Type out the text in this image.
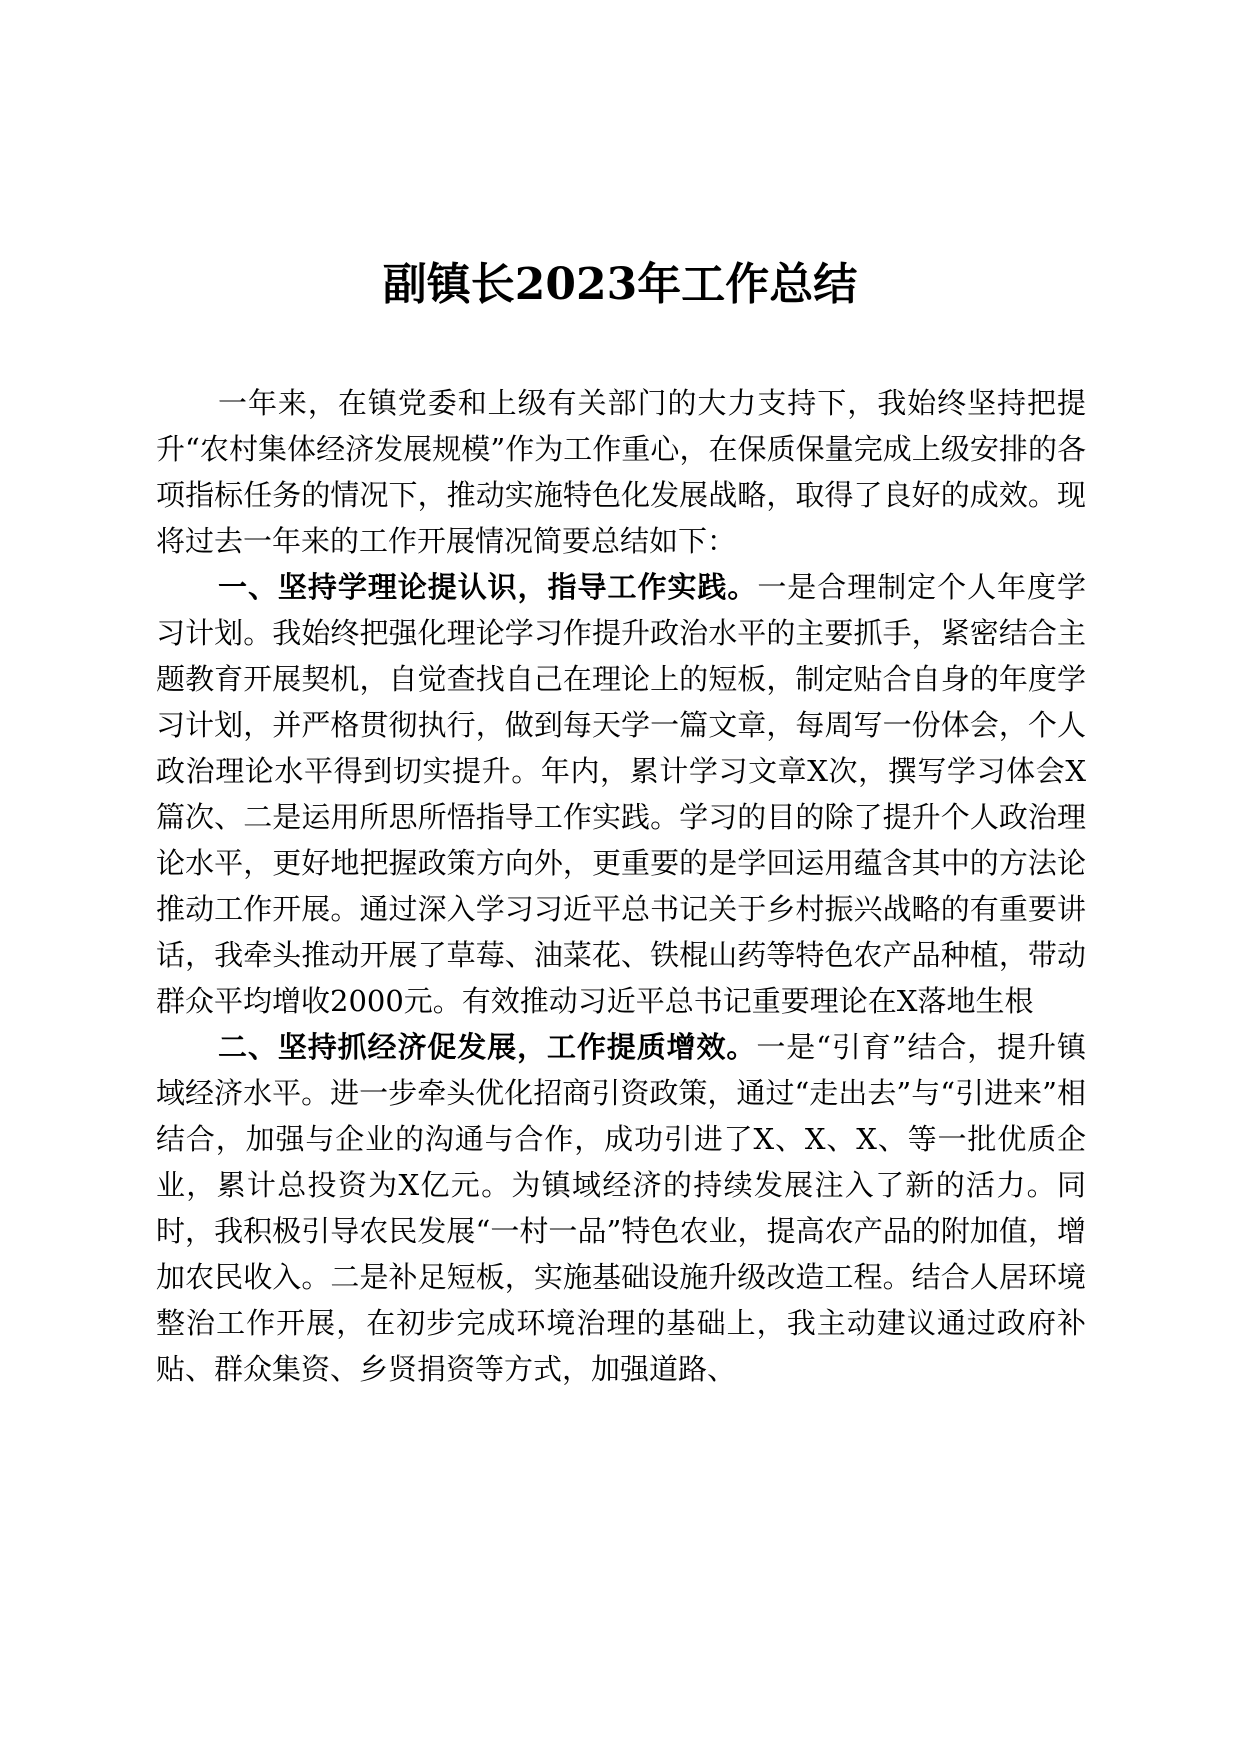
副镇长2023年工作总结

一年来，在镇党委和上级有关部门的大力支持下，我始终坚持把提升“农村集体经济发展规模”作为工作重心，在保质保量完成上级安排的各项指标任务的情况下，推动实施特色化发展战略，取得了良好的成效。现将过去一年来的工作开展情况简要总结如下：

一、坚持学理论提认识，指导工作实践。一是合理制定个人年度学习计划。我始终把强化理论学习作提升政治水平的主要抓手，紧密结合主题教育开展契机，自觉查找自己在理论上的短板，制定贴合自身的年度学习计划，并严格贯彻执行，做到每天学一篇文章，每周写一份体会，个人政治理论水平得到切实提升。年内，累计学习文章X次，撰写学习体会X篇次、二是运用所思所悟指导工作实践。学习的目的除了提升个人政治理论水平，更好地把握政策方向外，更重要的是学回运用蕴含其中的方法论推动工作开展。通过深入学习习近平总书记关于乡村振兴战略的有重要讲话，我牵头推动开展了草莓、油菜花、铁棍山药等特色农产品种植，带动群众平均增收2000元。有效推动习近平总书记重要理论在X落地生根

二、坚持抓经济促发展，工作提质增效。一是“引育”结合，提升镇域经济水平。进一步牵头优化招商引资政策，通过“走出去”与“引进来”相结合，加强与企业的沟通与合作，成功引进了X、X、X、等一批优质企业，累计总投资为X亿元。为镇域经济的持续发展注入了新的活力。同时，我积极引导农民发展“一村一品”特色农业，提高农产品的附加值，增加农民收入。二是补足短板，实施基础设施升级改造工程。结合人居环境整治工作开展，在初步完成环境治理的基础上，我主动建议通过政府补贴、群众集资、乡贤捐资等方式，加强道路、
